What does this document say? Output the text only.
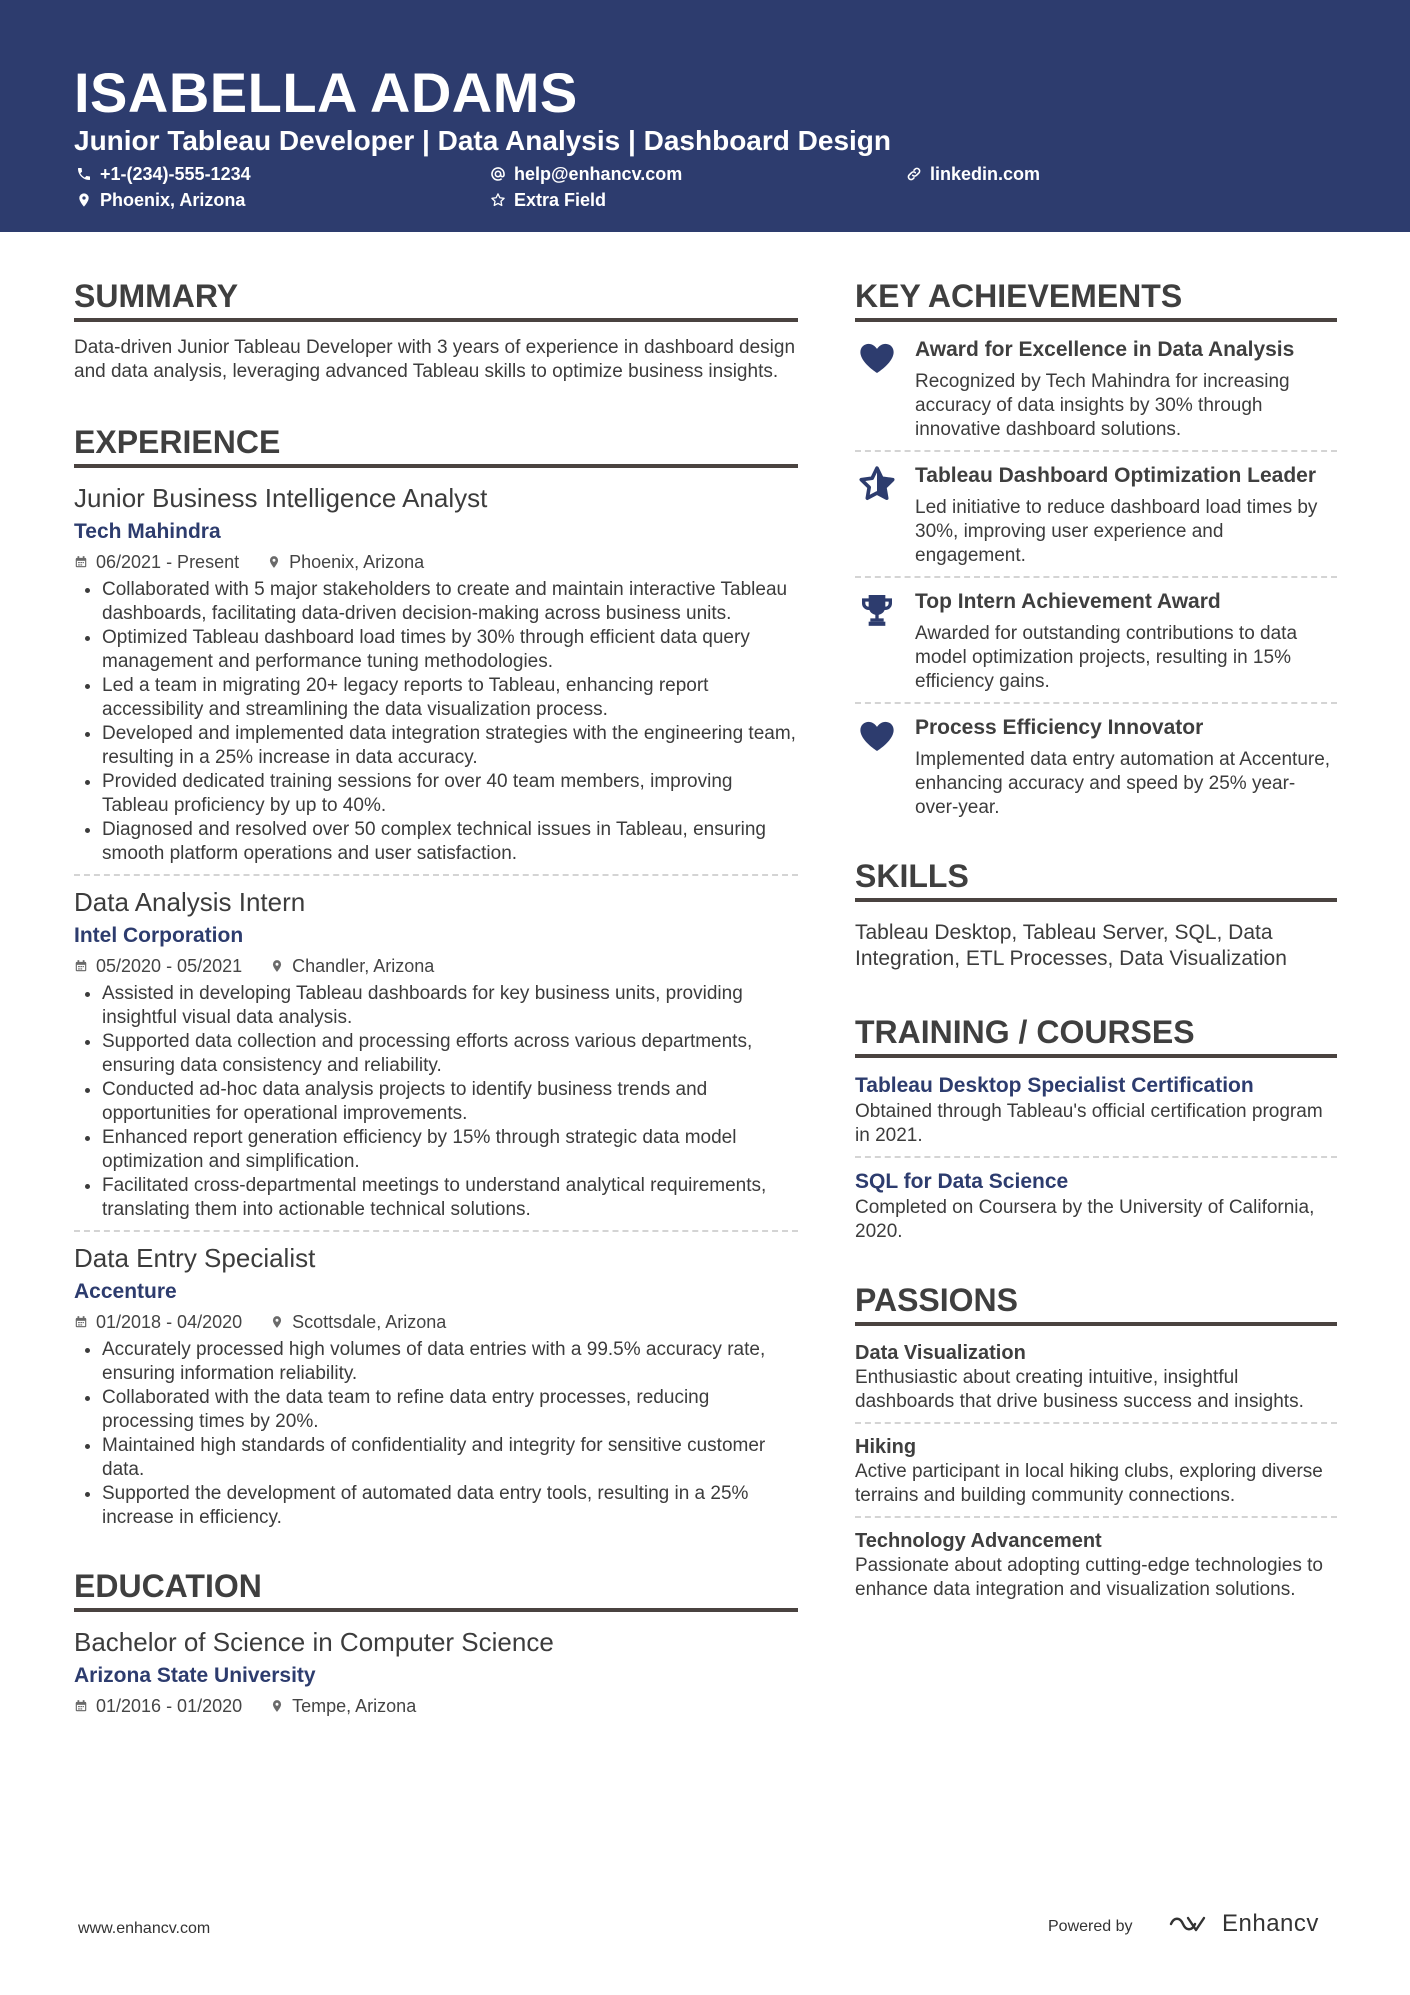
ISABELLA ADAMS
Junior Tableau Developer | Data Analysis | Dashboard Design
+1-(234)-555-1234	help@enhancv.com	linkedin.com
Phoenix, Arizona	Extra Field
SUMMARY
Data-driven Junior Tableau Developer with 3 years of experience in dashboard design and data analysis, leveraging advanced Tableau skills to optimize business insights.
EXPERIENCE
Junior Business Intelligence Analyst
Tech Mahindra
06/2021 - Present	Phoenix, Arizona
• Collaborated with 5 major stakeholders to create and maintain interactive Tableau dashboards, facilitating data-driven decision-making across business units.
• Optimized Tableau dashboard load times by 30% through efficient data query management and performance tuning methodologies.
• Led a team in migrating 20+ legacy reports to Tableau, enhancing report accessibility and streamlining the data visualization process.
• Developed and implemented data integration strategies with the engineering team, resulting in a 25% increase in data accuracy.
• Provided dedicated training sessions for over 40 team members, improving Tableau proficiency by up to 40%.
• Diagnosed and resolved over 50 complex technical issues in Tableau, ensuring smooth platform operations and user satisfaction.
Data Analysis Intern
Intel Corporation
05/2020 - 05/2021	Chandler, Arizona
• Assisted in developing Tableau dashboards for key business units, providing insightful visual data analysis.
• Supported data collection and processing efforts across various departments, ensuring data consistency and reliability.
• Conducted ad-hoc data analysis projects to identify business trends and opportunities for operational improvements.
• Enhanced report generation efficiency by 15% through strategic data model optimization and simplification.
• Facilitated cross-departmental meetings to understand analytical requirements, translating them into actionable technical solutions.
Data Entry Specialist
Accenture
01/2018 - 04/2020	Scottsdale, Arizona
• Accurately processed high volumes of data entries with a 99.5% accuracy rate, ensuring information reliability.
• Collaborated with the data team to refine data entry processes, reducing processing times by 20%.
• Maintained high standards of confidentiality and integrity for sensitive customer data.
• Supported the development of automated data entry tools, resulting in a 25% increase in efficiency.
EDUCATION
Bachelor of Science in Computer Science
Arizona State University
01/2016 - 01/2020	Tempe, Arizona
KEY ACHIEVEMENTS
Award for Excellence in Data Analysis
Recognized by Tech Mahindra for increasing accuracy of data insights by 30% through innovative dashboard solutions.
Tableau Dashboard Optimization Leader
Led initiative to reduce dashboard load times by 30%, improving user experience and engagement.
Top Intern Achievement Award
Awarded for outstanding contributions to data model optimization projects, resulting in 15% efficiency gains.
Process Efficiency Innovator
Implemented data entry automation at Accenture, enhancing accuracy and speed by 25% year-over-year.
SKILLS
Tableau Desktop, Tableau Server, SQL, Data Integration, ETL Processes, Data Visualization
TRAINING / COURSES
Tableau Desktop Specialist Certification
Obtained through Tableau's official certification program in 2021.
SQL for Data Science
Completed on Coursera by the University of California, 2020.
PASSIONS
Data Visualization
Enthusiastic about creating intuitive, insightful dashboards that drive business success and insights.
Hiking
Active participant in local hiking clubs, exploring diverse terrains and building community connections.
Technology Advancement
Passionate about adopting cutting-edge technologies to enhance data integration and visualization solutions.
www.enhancv.com	Powered by	Enhancv
